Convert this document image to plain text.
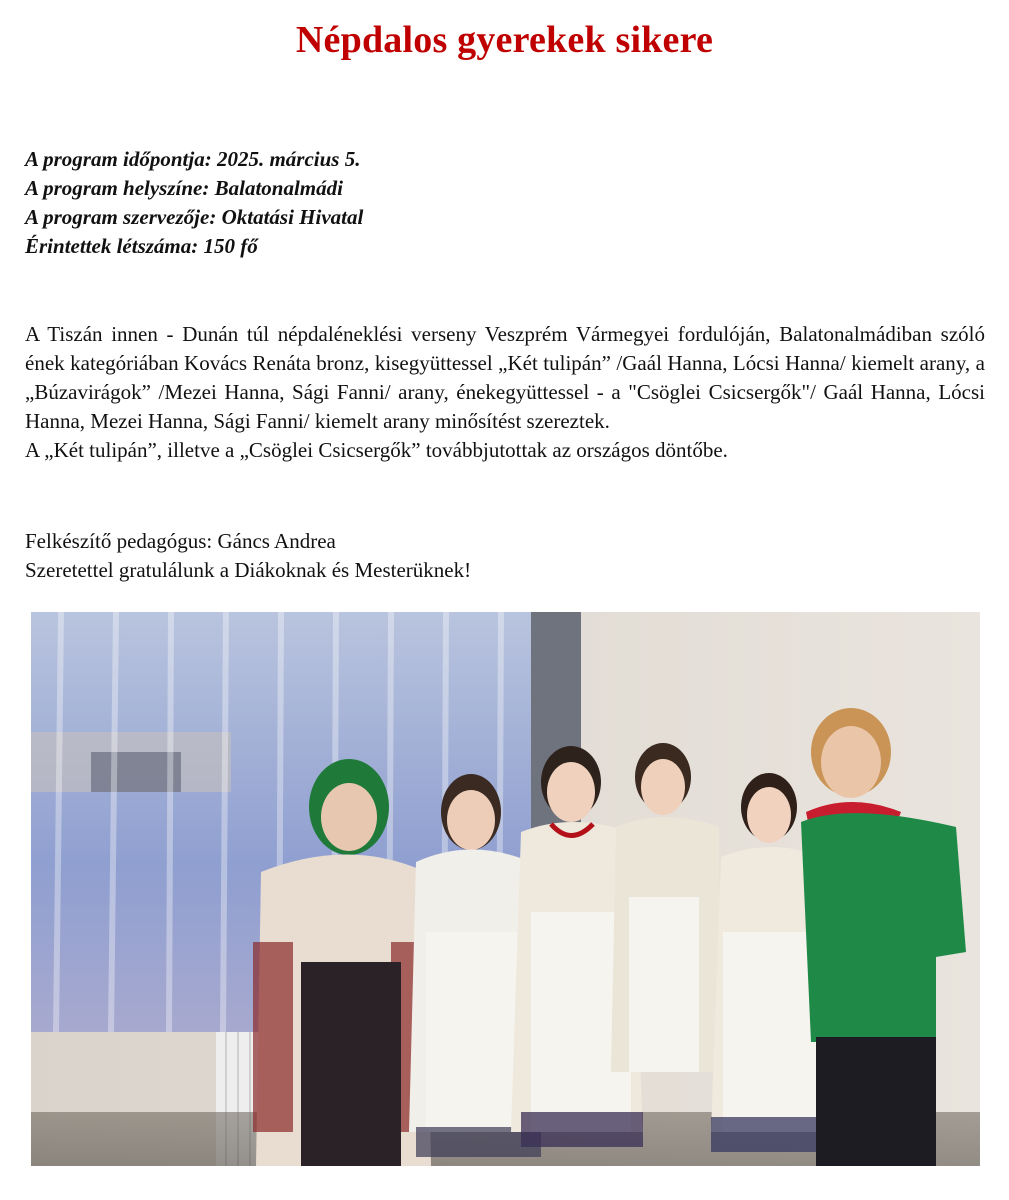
Népdalos gyerekek sikere
A program időpontja: 2025. március 5.
A program helyszíne: Balatonalmádi
A program szervezője: Oktatási Hivatal
Érintettek létszáma: 150 fő

A Tiszán innen - Dunán túl népdaléneklési verseny Veszprém Vármegyei fordulóján, Balatonalmádiban szóló ének kategóriában Kovács Renáta bronz, kisegyüttessel „Két tulipán” /Gaál Hanna, Lócsi Hanna/ kiemelt arany, a „Búzavirágok” /Mezei Hanna, Sági Fanni/ arany, énekegyüttessel - a "Csöglei Csicsergők"/ Gaál Hanna, Lócsi Hanna, Mezei Hanna, Sági Fanni/ kiemelt arany minősítést szereztek.

A „Két tulipán”, illetve a „Csöglei Csicsergők” továbbjutottak az országos döntőbe.

Felkészítő pedagógus: Gáncs Andrea
Szeretettel gratulálunk a Diákoknak és Mesterüknek!
